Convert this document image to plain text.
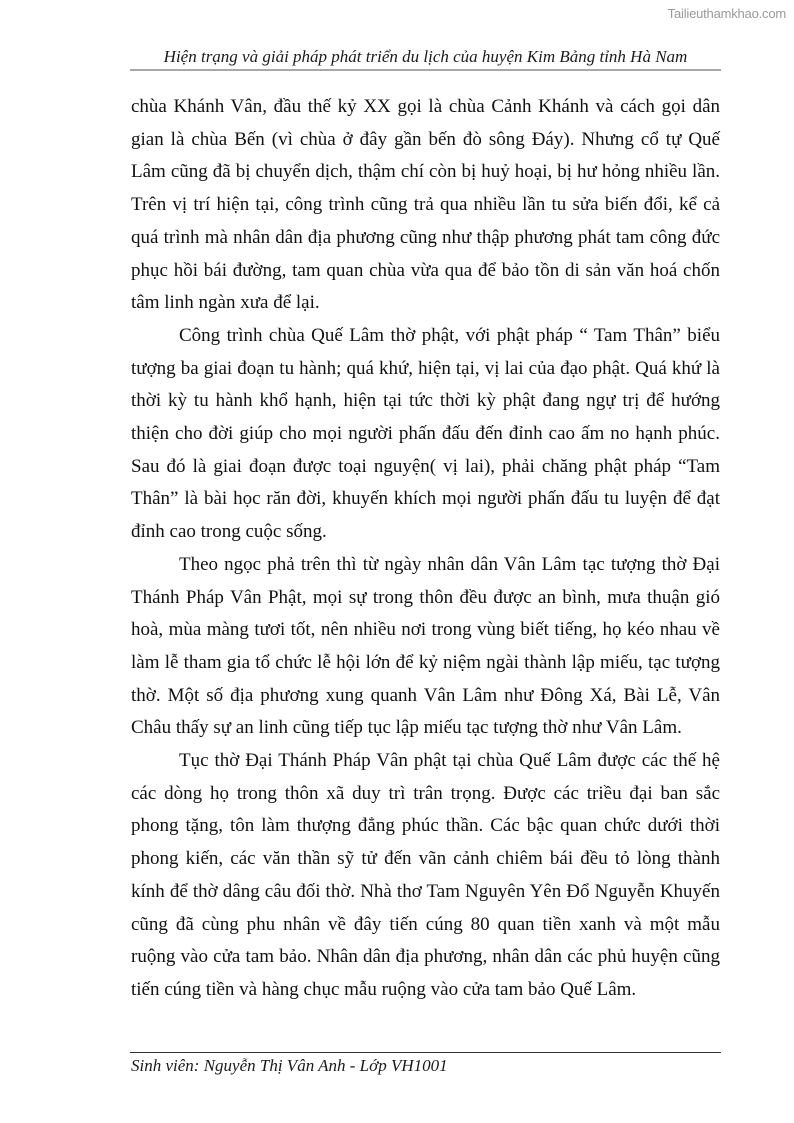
Tailieuthamkhao.com
Hiện trạng và giải pháp phát triển du lịch của huyện Kim Bảng tỉnh Hà Nam

chùa Khánh Vân, đầu thế kỷ XX gọi là chùa Cảnh Khánh và cách gọi dân gian là chùa Bến (vì chùa ở đây gần bến đò sông Đáy). Nhưng cổ tự Quế Lâm cũng đã bị chuyển dịch, thậm chí còn bị huỷ hoại, bị hư hỏng nhiều lần. Trên vị trí hiện tại, công trình cũng trả qua nhiều lần tu sửa biến đổi, kể cả quá trình mà nhân dân địa phương cũng như thập phương phát tam công đức phục hồi bái đường, tam quan chùa vừa qua để bảo tồn di sản văn hoá chốn tâm linh ngàn xưa để lại.

Công trình chùa Quế Lâm thờ phật, với phật pháp “ Tam Thân” biểu tượng ba giai đoạn tu hành; quá khứ, hiện tại, vị lai của đạo phật. Quá khứ là thời kỳ tu hành khổ hạnh, hiện tại tức thời kỳ phật đang ngự trị để hướng thiện cho đời giúp cho mọi người phấn đấu đến đỉnh cao ấm no hạnh phúc. Sau đó là giai đoạn được toại nguyện( vị lai), phải chăng phật pháp “Tam Thân” là bài học răn đời, khuyến khích mọi người phấn đấu tu luyện để đạt đỉnh cao trong cuộc sống.

Theo ngọc phả trên thì từ ngày nhân dân Vân Lâm tạc tượng thờ Đại Thánh Pháp Vân Phật, mọi sự trong thôn đều được an bình, mưa thuận gió hoà, mùa màng tươi tốt, nên nhiều nơi trong vùng biết tiếng, họ kéo nhau về làm lễ tham gia tổ chức lễ hội lớn để kỷ niệm ngài thành lập miếu, tạc tượng thờ. Một số địa phương xung quanh Vân Lâm như Đông Xá, Bài Lễ, Vân Châu thấy sự an linh cũng tiếp tục lập miếu tạc tượng thờ như Vân Lâm.

Tục thờ Đại Thánh Pháp Vân phật tại chùa Quế Lâm được các thế hệ các dòng họ trong thôn xã duy trì trân trọng. Được các triều đại ban sắc phong tặng, tôn làm thượng đẳng phúc thần. Các bậc quan chức dưới thời phong kiến, các văn thần sỹ tử đến vãn cảnh chiêm bái đều tỏ lòng thành kính để thờ dâng câu đối thờ. Nhà thơ Tam Nguyên Yên Đổ Nguyễn Khuyến cũng đã cùng phu nhân về đây tiến cúng 80 quan tiền xanh và một mẫu ruộng vào cửa tam bảo. Nhân dân địa phương, nhân dân các phủ huyện cũng tiến cúng tiền và hàng chục mẫu ruộng vào cửa tam bảo Quế Lâm.

Sinh viên: Nguyễn Thị Vân Anh - Lớp VH1001
